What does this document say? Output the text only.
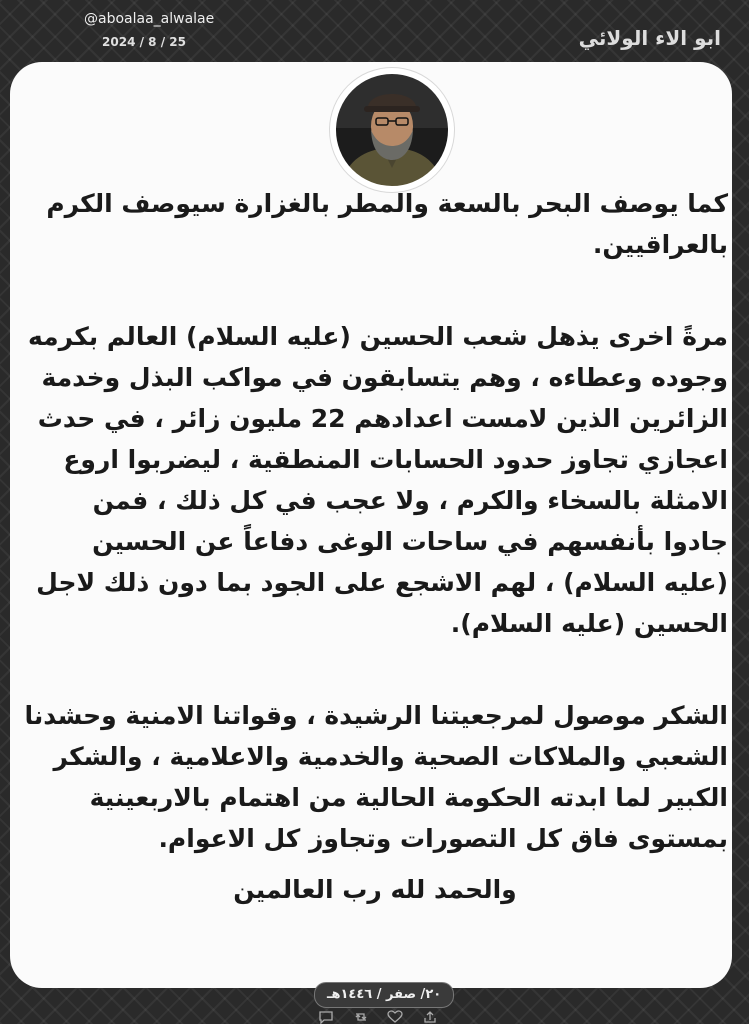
@aboalaa_alwalae
2024 / 8 / 25	ابو الاء الولائي

كما يوصف البحر بالسعة والمطر بالغزارة سيوصف الكرم بالعراقيين.

مرةً اخرى يذهل شعب الحسين (عليه السلام) العالم بكرمه وجوده وعطاءه ، وهم يتسابقون في مواكب البذل وخدمة الزائرين الذين لامست اعدادهم 22 مليون زائر ، في حدث اعجازي تجاوز حدود الحسابات المنطقية ، ليضربوا اروع الامثلة بالسخاء والكرم ، ولا عجب في كل ذلك ، فمن جادوا بأنفسهم في ساحات الوغى دفاعاً عن الحسين (عليه السلام) ، لهم الاشجع على الجود بما دون ذلك لاجل الحسين (عليه السلام).

الشكر موصول لمرجعيتنا الرشيدة ، وقواتنا الامنية وحشدنا الشعبي والملاكات الصحية والخدمية والاعلامية ، والشكر الكبير لما ابدته الحكومة الحالية من اهتمام بالاربعينية بمستوى فاق كل التصورات وتجاوز كل الاعوام.

والحمد لله رب العالمين

٢٠/ صفر / ١٤٤٦هـ
